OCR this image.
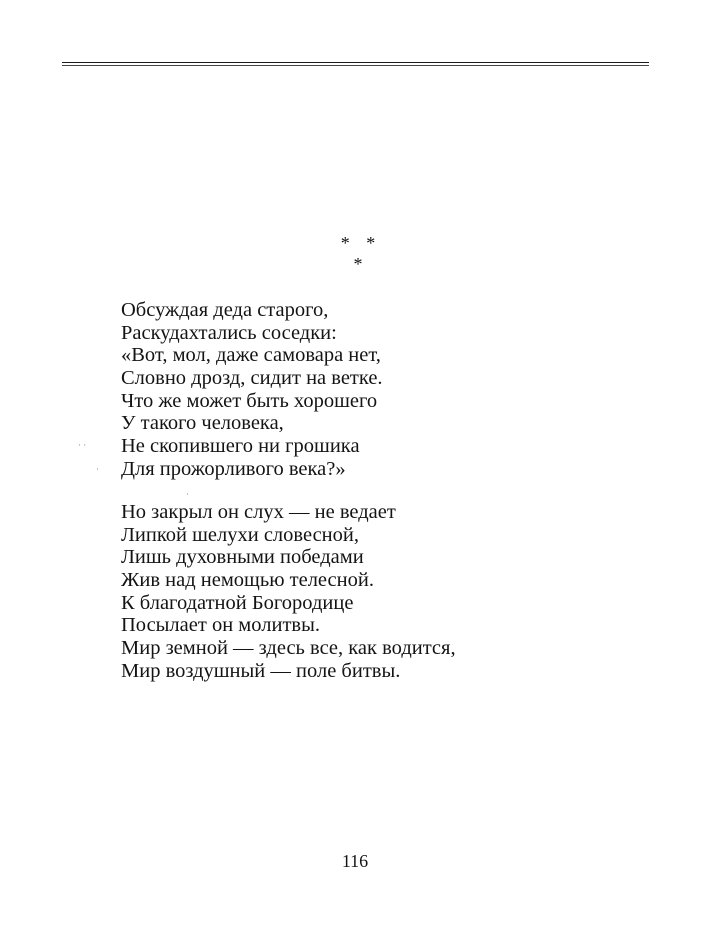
* * *
Обсуждая деда старого,
Раскудахтались соседки:
«Вот, мол, даже самовара нет,
Словно дрозд, сидит на ветке.
Что же может быть хорошего
У такого человека,
Не скопившего ни грошика
Для прожорливого века?»
Но закрыл он слух — не ведает
Липкой шелухи словесной,
Лишь духовными победами
Жив над немощью телесной.
К благодатной Богородице
Посылает он молитвы.
Мир земной — здесь все, как водится,
Мир воздушный — поле битвы.
· ·
·
·
116
